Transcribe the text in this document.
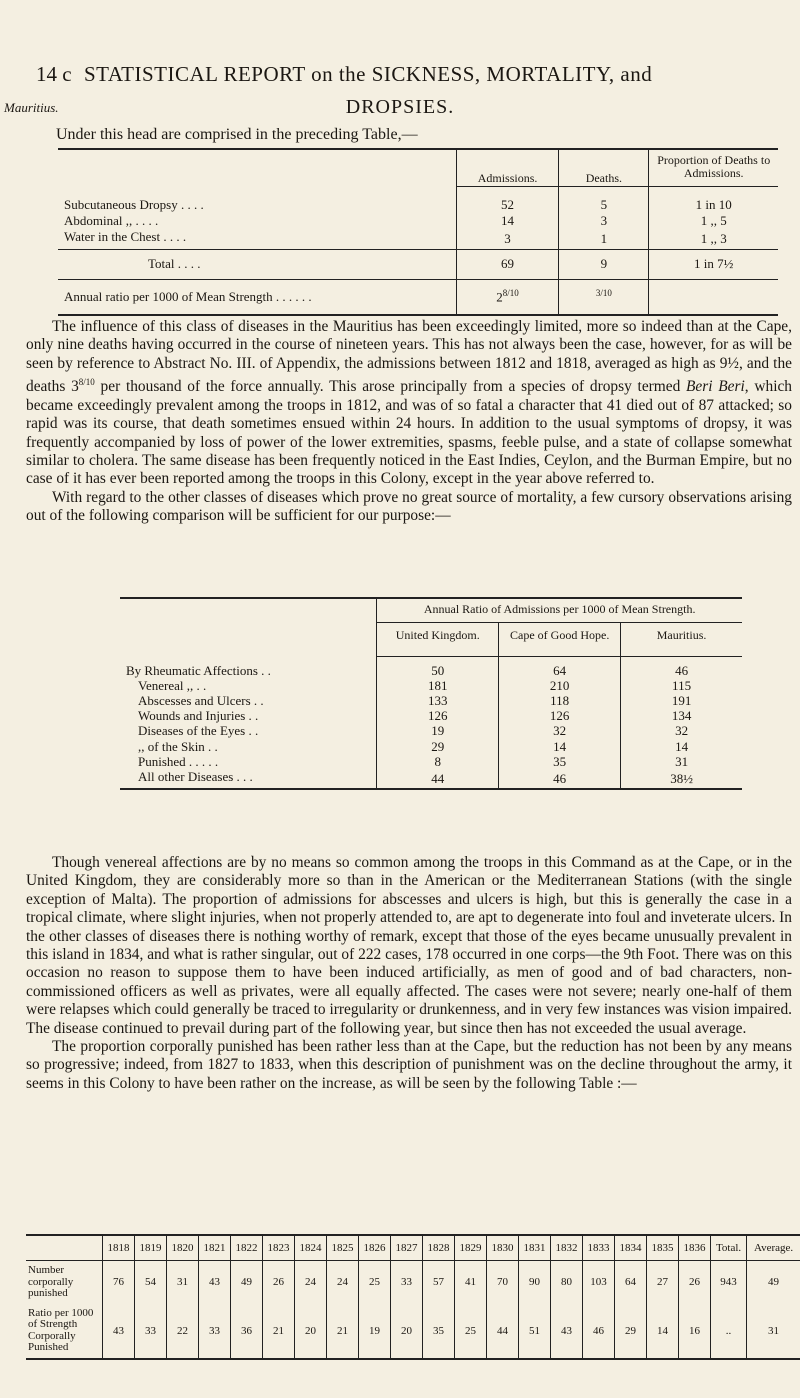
14 c STATISTICAL REPORT on the SICKNESS, MORTALITY, and
Mauritius.	DROPSIES.
Under this head are comprised in the preceding Table,—
	Admissions.	Deaths.	Proportion of Deaths to Admissions.

Subcutaneous Dropsy . . . .	52	5	1 in 10
Abdominal ,, . . . .	14	3	1 ,, 5
Water in the Chest . . . .	3	1	1 ,, 3
Total . . . .	69	9	1 in 7½
Annual ratio per 1000 of Mean Strength . . . . . .	$2^{8/10}$	$^{3/10}$	

The influence of this class of diseases in the Mauritius has been exceedingly limited, more so indeed than at the Cape, only nine deaths having occurred in the course of nineteen years. This has not always been the case, however, for as will be seen by reference to Abstract No. III. of Appendix, the admissions between 1812 and 1818, averaged as high as 9½, and the deaths $3^{8/10}$ per thousand of the force annually. This arose principally from a species of dropsy termed Beri Beri, which became exceedingly prevalent among the troops in 1812, and was of so fatal a character that 41 died out of 87 attacked; so rapid was its course, that death sometimes ensued within 24 hours. In addition to the usual symptoms of dropsy, it was frequently accompanied by loss of power of the lower extremities, spasms, feeble pulse, and a state of collapse somewhat similar to cholera. The same disease has been frequently noticed in the East Indies, Ceylon, and the Burman Empire, but no case of it has ever been reported among the troops in this Colony, except in the year above referred to.

With regard to the other classes of diseases which prove no great source of mortality, a few cursory observations arising out of the following comparison will be sufficient for our purpose:—

	Annual Ratio of Admissions per 1000 of Mean Strength.		
	United Kingdom.	Cape of Good Hope.	Mauritius.

By Rheumatic Affections . .	50	64	46
Venereal ,, . .	181	210	115
Abscesses and Ulcers . .	133	118	191
Wounds and Injuries . .	126	126	134
Diseases of the Eyes . .	19	32	32
,, of the Skin . .	29	14	14
Punished . . . . .	8	35	31
All other Diseases . . .	44	46	38½

Though venereal affections are by no means so common among the troops in this Command as at the Cape, or in the United Kingdom, they are considerably more so than in the American or the Mediterranean Stations (with the single exception of Malta). The proportion of admissions for abscesses and ulcers is high, but this is generally the case in a tropical climate, where slight injuries, when not properly attended to, are apt to degenerate into foul and inveterate ulcers. In the other classes of diseases there is nothing worthy of remark, except that those of the eyes became unusually prevalent in this island in 1834, and what is rather singular, out of 222 cases, 178 occurred in one corps—the 9th Foot. There was on this occasion no reason to suppose them to have been induced artificially, as men of good and of bad characters, non-commissioned officers as well as privates, were all equally affected. The cases were not severe; nearly one-half of them were relapses which could generally be traced to irregularity or drunkenness, and in very few instances was vision impaired. The disease continued to prevail during part of the following year, but since then has not exceeded the usual average.

The proportion corporally punished has been rather less than at the Cape, but the reduction has not been by any means so progressive; indeed, from 1827 to 1833, when this description of punishment was on the decline throughout the army, it seems in this Colony to have been rather on the increase, as will be seen by the following Table :—

	1818	1819	1820	1821	1822	1823	1824	1825	1826	1827	1828	1829	1830	1831	1832	1833	1834	1835	1836	Total.	Average.
Number corporally punished	76	54	31	43	49	26	24	24	25	33	57	41	70	90	80	103	64	27	26	943	49
Ratio per 1000 of Strength Corporally Punished	43	33	22	33	36	21	20	21	19	20	35	25	44	51	43	46	29	14	16	..	31
